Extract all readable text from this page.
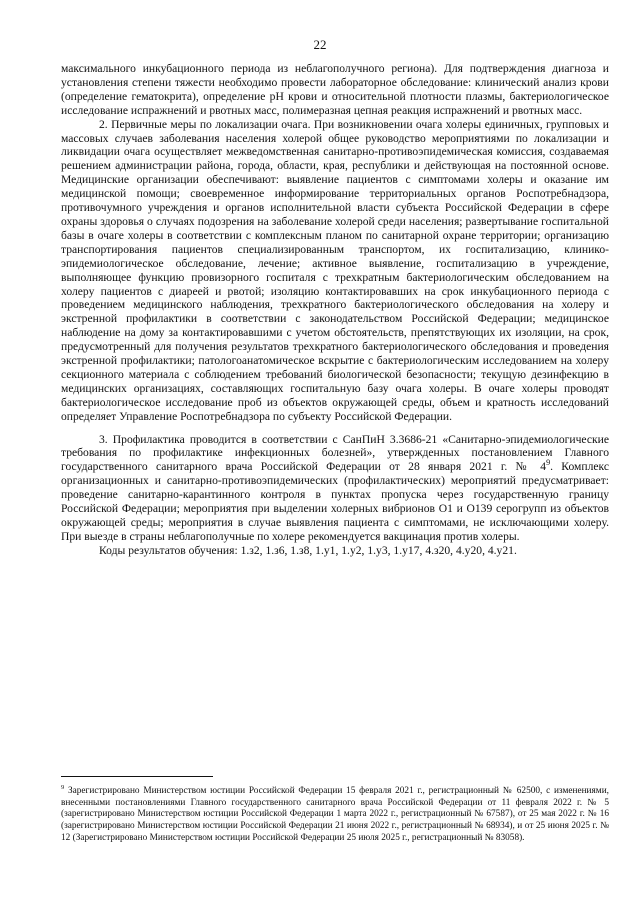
22

максимального инкубационного периода из неблагополучного региона). Для подтверждения диагноза и установления степени тяжести необходимо провести лабораторное обследование: клинический анализ крови (определение гематокрита), определение pH крови и относительной плотности плазмы, бактериологическое исследование испражнений и рвотных масс, полимеразная цепная реакция испражнений и рвотных масс.

2. Первичные меры по локализации очага. При возникновении очага холеры единичных, групповых и массовых случаев заболевания населения холерой общее руководство мероприятиями по локализации и ликвидации очага осуществляет межведомственная санитарно-противоэпидемическая комиссия, создаваемая решением администрации района, города, области, края, республики и действующая на постоянной основе. Медицинские организации обеспечивают: выявление пациентов с симптомами холеры и оказание им медицинской помощи; своевременное информирование территориальных органов Роспотребнадзора, противочумного учреждения и органов исполнительной власти субъекта Российской Федерации в сфере охраны здоровья о случаях подозрения на заболевание холерой среди населения; развертывание госпитальной базы в очаге холеры в соответствии с комплексным планом по санитарной охране территории; организацию транспортирования пациентов специализированным транспортом, их госпитализацию, клинико-эпидемиологическое обследование, лечение; активное выявление, госпитализацию в учреждение, выполняющее функцию провизорного госпиталя с трехкратным бактериологическим обследованием на холеру пациентов с диареей и рвотой; изоляцию контактировавших на срок инкубационного периода с проведением медицинского наблюдения, трехкратного бактериологического обследования на холеру и экстренной профилактики в соответствии с законодательством Российской Федерации; медицинское наблюдение на дому за контактировавшими с учетом обстоятельств, препятствующих их изоляции, на срок, предусмотренный для получения результатов трехкратного бактериологического обследования и проведения экстренной профилактики; патологоанатомическое вскрытие с бактериологическим исследованием на холеру секционного материала с соблюдением требований биологической безопасности; текущую дезинфекцию в медицинских организациях, составляющих госпитальную базу очага холеры. В очаге холеры проводят бактериологическое исследование проб из объектов окружающей среды, объем и кратность исследований определяет Управление Роспотребнадзора по субъекту Российской Федерации.

3. Профилактика проводится в соответствии с СанПиН 3.3686-21 «Санитарно-эпидемиологические требования по профилактике инфекционных болезней», утвержденных постановлением Главного государственного санитарного врача Российской Федерации от 28 января 2021 г. № $4^9$. Комплекс организационных и санитарно-противоэпидемических (профилактических) мероприятий предусматривает: проведение санитарно-карантинного контроля в пунктах пропуска через государственную границу Российской Федерации; мероприятия при выделении холерных вибрионов O1 и O139 серогрупп из объектов окружающей среды; мероприятия в случае выявления пациента с симптомами, не исключающими холеру. При выезде в страны неблагополучные по холере рекомендуется вакцинация против холеры.

Коды результатов обучения: 1.з2, 1.з6, 1.з8, 1.у1, 1.у2, 1.у3, 1.у17, 4.з20, 4.у20, 4.у21.

$^9$ Зарегистрировано Министерством юстиции Российской Федерации 15 февраля 2021 г., регистрационный № 62500, с изменениями, внесенными постановлениями Главного государственного санитарного врача Российской Федерации от 11 февраля 2022 г. № 5 (зарегистрировано Министерством юстиции Российской Федерации 1 марта 2022 г., регистрационный № 67587), от 25 мая 2022 г. № 16 (зарегистрировано Министерством юстиции Российской Федерации 21 июня 2022 г., регистрационный № 68934), и от 25 июня 2025 г. № 12 (Зарегистрировано Министерством юстиции Российской Федерации 25 июля 2025 г., регистрационный № 83058).
